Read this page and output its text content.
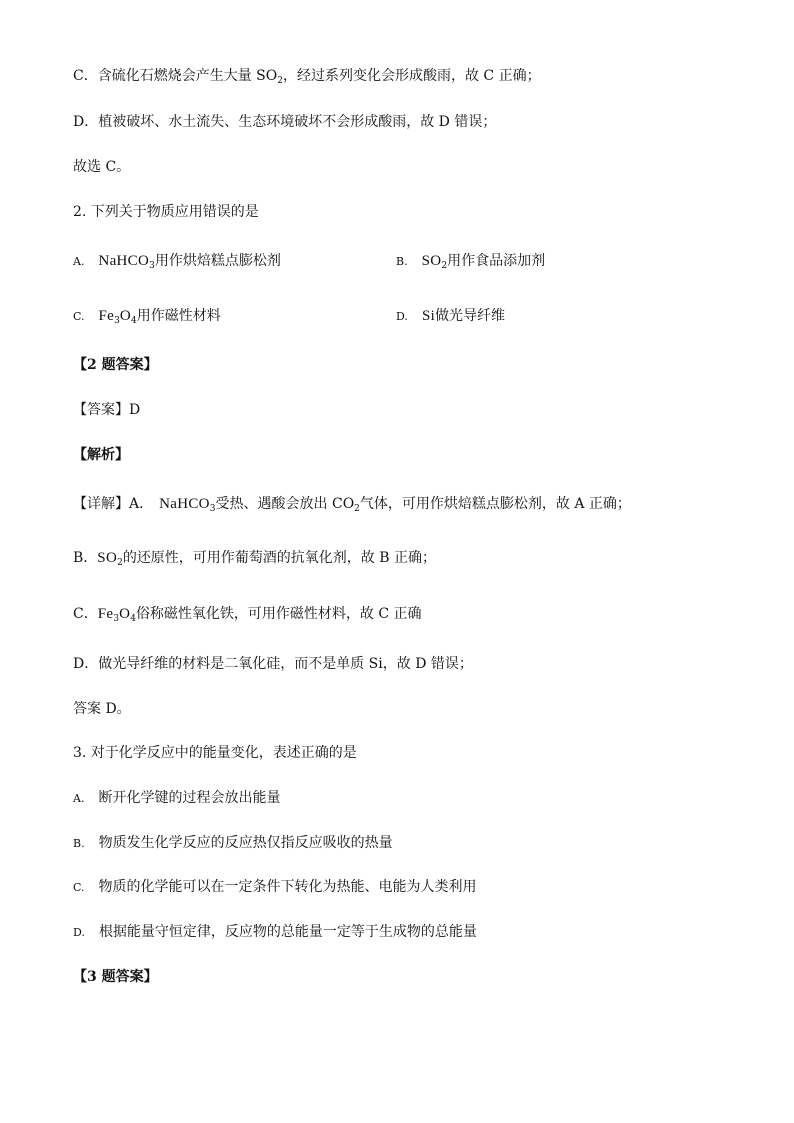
C．含硫化石燃烧会产生大量 $SO_2$，经过系列变化会形成酸雨，故 C 正确；
D．植被破坏、水土流失、生态环境破坏不会形成酸雨，故 D 错误；
故选 C。
2. 下列关于物质应用错误的是
A. NaHCO$_3$用作烘焙糕点膨松剂	B. $SO_2$用作食品添加剂
C. $Fe_3O_4$用作磁性材料	D. Si做光导纤维
【2 题答案】
【答案】D
【解析】
【详解】A． NaHCO$_3$受热、遇酸会放出 $CO_2$气体，可用作烘焙糕点膨松剂，故 A 正确；
B．$SO_2$的还原性，可用作葡萄酒的抗氧化剂，故 B 正确；
C．$Fe_3O_4$俗称磁性氧化铁，可用作磁性材料，故 C 正确
D．做光导纤维的材料是二氧化硅，而不是单质 Si，故 D 错误；
答案 D。
3. 对于化学反应中的能量变化，表述正确的是
A. 断开化学键的过程会放出能量
B. 物质发生化学反应的反应热仅指反应吸收的热量
C. 物质的化学能可以在一定条件下转化为热能、电能为人类利用
D. 根据能量守恒定律，反应物的总能量一定等于生成物的总能量
【3 题答案】
